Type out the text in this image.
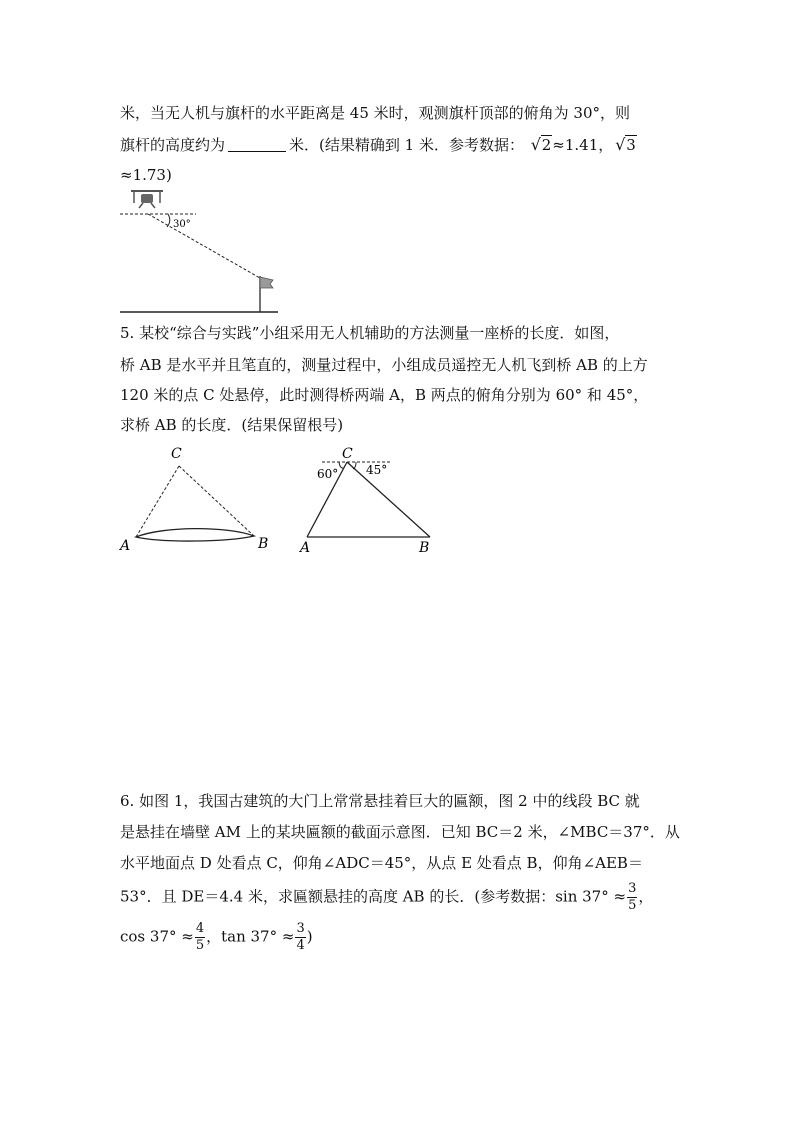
米，当无人机与旗杆的水平距离是 45 米时，观测旗杆顶部的俯角为 30°，则
旗杆的高度约为	米．(结果精确到 1 米．参考数据： √ 2≈1.41， √ 3
≈1.73)
30°
5. 某校“综合与实践”小组采用无人机辅助的方法测量一座桥的长度．如图，
桥 AB 是水平并且笔直的，测量过程中，小组成员遥控无人机飞到桥 AB 的上方
120 米的点 C 处悬停，此时测得桥两端 A，B 两点的俯角分别为 60° 和 45°，
求桥 AB 的长度．(结果保留根号)
C
A	B
C
60° 45°
A	B
6. 如图 1，我国古建筑的大门上常常悬挂着巨大的匾额，图 2 中的线段 BC 就
是悬挂在墙壁 AM 上的某块匾额的截面示意图．已知 BC＝2 米，∠MBC＝37°．从
水平地面点 D 处看点 C，仰角∠ADC＝45°，从点 E 处看点 B，仰角∠AEB＝
53°．且 DE＝4.4 米，求匾额悬挂的高度 AB 的长．(参考数据：$\sin 37^\circ \approx \frac{3}{5}$ ，
$\cos 37^\circ \approx \frac{4}{5}$ ，$\tan 37^\circ \approx \frac{3}{4}$ )
